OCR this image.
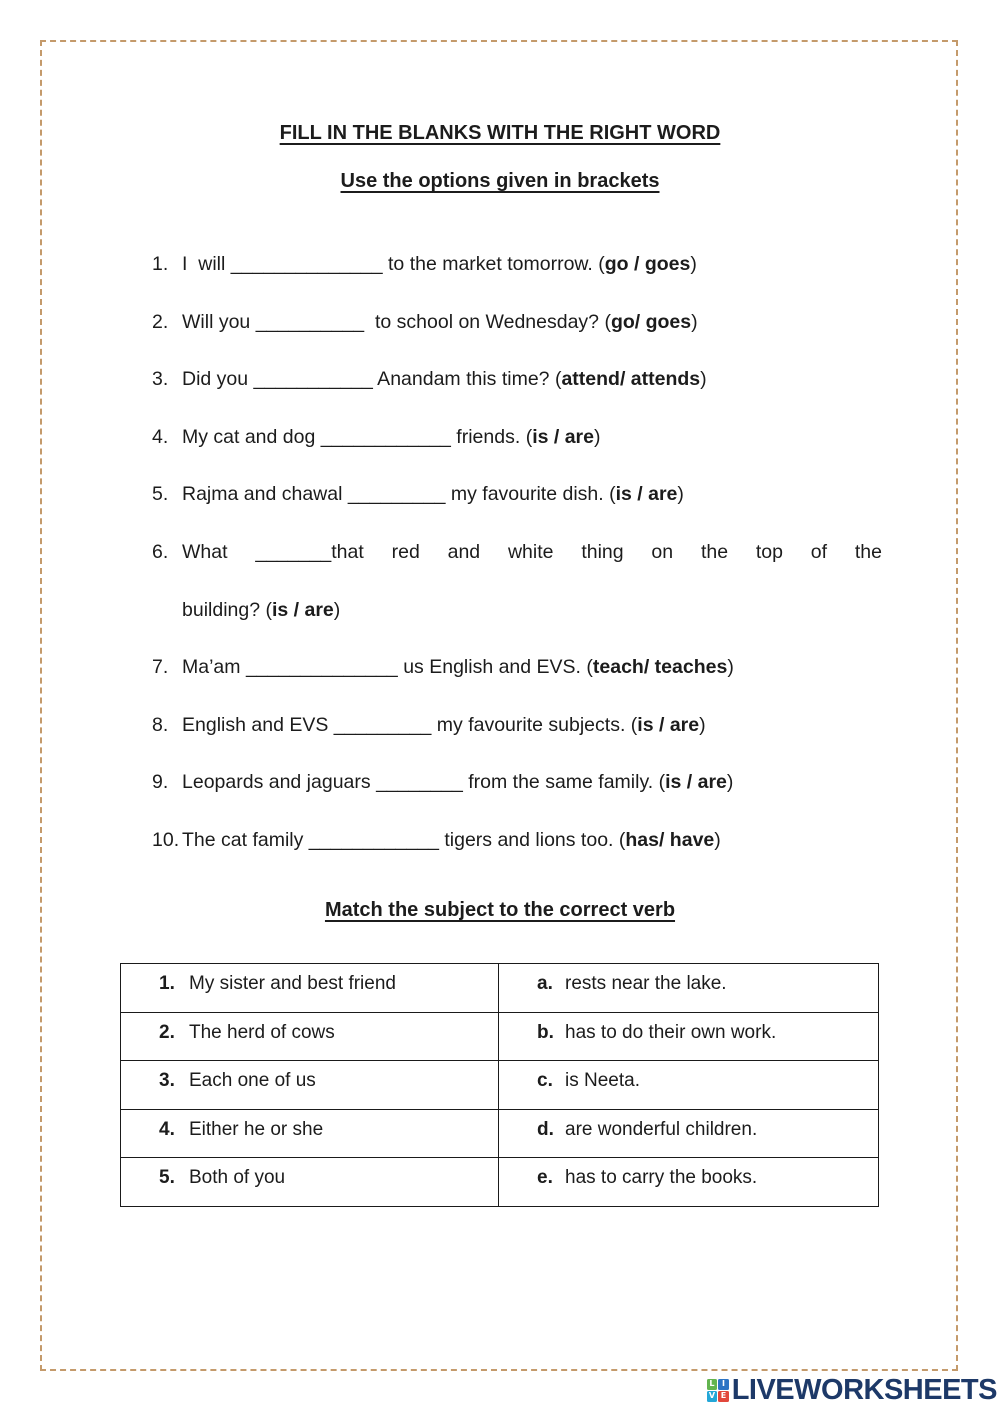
FILL IN THE BLANKS WITH THE RIGHT WORD
Use the options given in brackets

1. I  will ______________ to the market tomorrow. (go / goes)

2. Will you __________  to school on Wednesday? (go/ goes)

3. Did you ___________ Anandam this time? (attend/ attends)

4. My cat and dog ____________ friends. (is / are)

5. Rajma and chawal _________ my favourite dish. (is / are)

6. What _______that red and white thing on the top of the
building? (is / are)

7. Ma’am ______________ us English and EVS. (teach/ teaches)

8. English and EVS _________ my favourite subjects. (is / are)

9. Leopards and jaguars ________ from the same family. (is / are)

10. The cat family ____________ tigers and lions too. (has/ have)

Match the subject to the correct verb
1. My sister and best friend	a. rests near the lake.
2. The herd of cows	b. has to do their own work.
3. Each one of us	c. is Neeta.
4. Either he or she	d. are wonderful children.
5. Both of you	e. has to carry the books.
L I
V E LIVEWORKSHEETS
